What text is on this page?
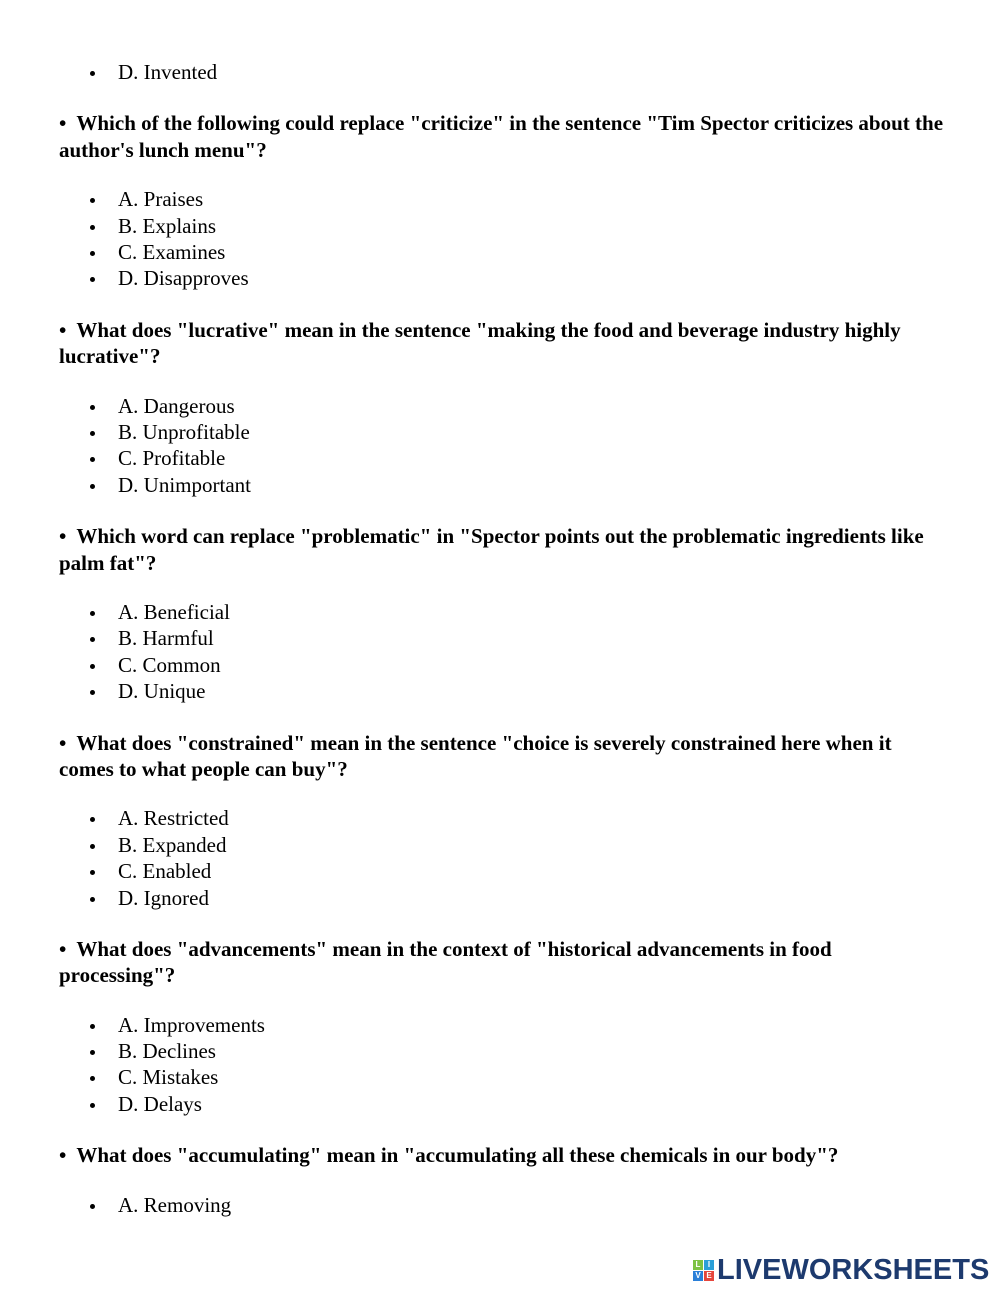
D. Invented
• Which of the following could replace "criticize" in the sentence "Tim Spector criticizes about the author's lunch menu"?
A. Praises
B. Explains
C. Examines
D. Disapproves
• What does "lucrative" mean in the sentence "making the food and beverage industry highly lucrative"?
A. Dangerous
B. Unprofitable
C. Profitable
D. Unimportant
• Which word can replace "problematic" in "Spector points out the problematic ingredients like palm fat"?
A. Beneficial
B. Harmful
C. Common
D. Unique
• What does "constrained" mean in the sentence "choice is severely constrained here when it comes to what people can buy"?
A. Restricted
B. Expanded
C. Enabled
D. Ignored
• What does "advancements" mean in the context of "historical advancements in food processing"?
A. Improvements
B. Declines
C. Mistakes
D. Delays
• What does "accumulating" mean in "accumulating all these chemicals in our body"?
A. Removing
L I
V E LIVEWORKSHEETS
